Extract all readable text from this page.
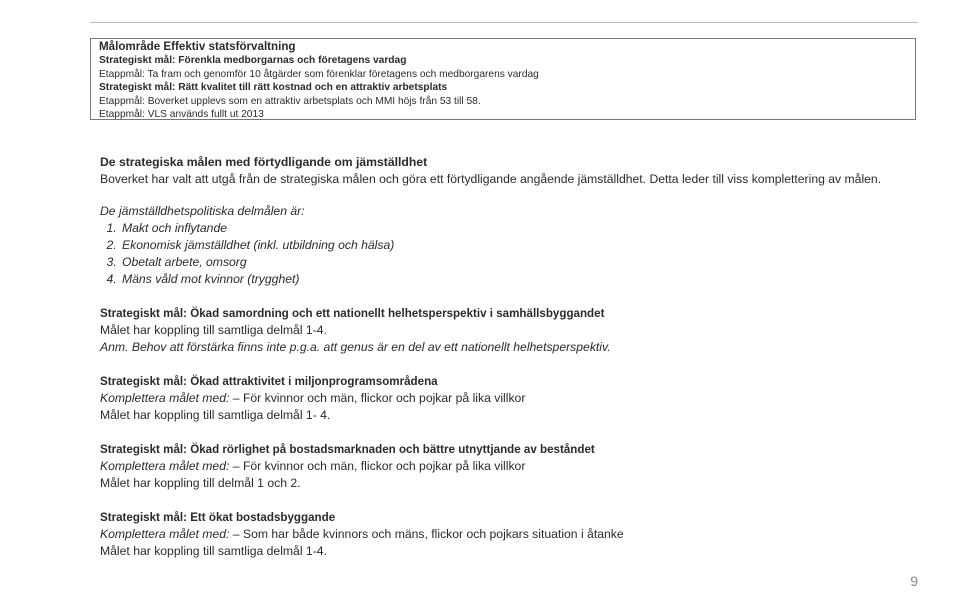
Målområde Effektiv statsförvaltning
Strategiskt mål: Förenkla medborgarnas och företagens vardag
Etappmål: Ta fram och genomför 10 åtgärder som förenklar företagens och medborgarens vardag
Strategiskt mål: Rätt kvalitet till rätt kostnad och en attraktiv arbetsplats
Etappmål: Boverket upplevs som en attraktiv arbetsplats och MMI höjs från 53 till 58.
Etappmål: VLS används fullt ut 2013
De strategiska målen med förtydligande om jämställdhet

Boverket har valt att utgå från de strategiska målen och göra ett förtydligande angående jämställdhet. Detta leder till viss komplettering av målen.

De jämställdhetspolitiska delmålen är:
1. Makt och inflytande
2. Ekonomisk jämställdhet (inkl. utbildning och hälsa)
3. Obetalt arbete, omsorg
4. Mäns våld mot kvinnor (trygghet)
Strategiskt mål: Ökad samordning och ett nationellt helhetsperspektiv i samhällsbyggandet
Målet har koppling till samtliga delmål 1-4.
Anm. Behov att förstärka finns inte p.g.a. att genus är en del av ett nationellt helhetsperspektiv.
Strategiskt mål: Ökad attraktivitet i miljonprogramsområdena
Komplettera målet med: – För kvinnor och män, flickor och pojkar på lika villkor
Målet har koppling till samtliga delmål 1- 4.
Strategiskt mål: Ökad rörlighet på bostadsmarknaden och bättre utnyttjande av beståndet
Komplettera målet med: – För kvinnor och män, flickor och pojkar på lika villkor
Målet har koppling till delmål 1 och 2.
Strategiskt mål: Ett ökat bostadsbyggande
Komplettera målet med: – Som har både kvinnors och mäns, flickor och pojkars situation i åtanke
Målet har koppling till samtliga delmål 1-4.
9
